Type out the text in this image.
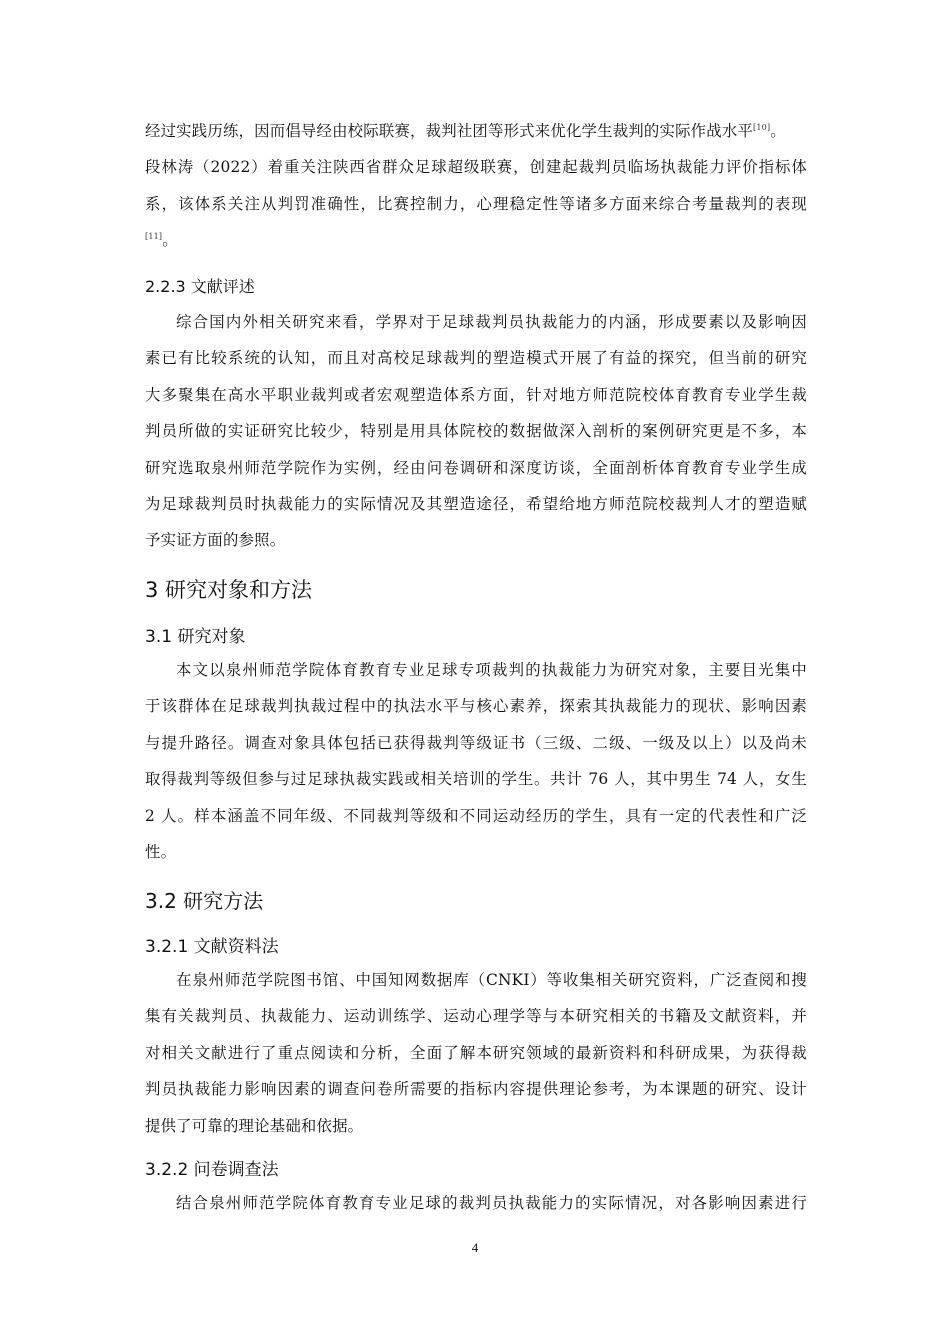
经过实践历练，因而倡导经由校际联赛，裁判社团等形式来优化学生裁判的实际作战水平[10]。
段林涛（2022）着重关注陕西省群众足球超级联赛，创建起裁判员临场执裁能力评价指标体
系，该体系关注从判罚准确性，比赛控制力，心理稳定性等诸多方面来综合考量裁判的表现
[11]。

2.2.3 文献评述

综合国内外相关研究来看，学界对于足球裁判员执裁能力的内涵，形成要素以及影响因
素已有比较系统的认知，而且对高校足球裁判的塑造模式开展了有益的探究，但当前的研究
大多聚集在高水平职业裁判或者宏观塑造体系方面，针对地方师范院校体育教育专业学生裁
判员所做的实证研究比较少，特别是用具体院校的数据做深入剖析的案例研究更是不多，本
研究选取泉州师范学院作为实例，经由问卷调研和深度访谈，全面剖析体育教育专业学生成
为足球裁判员时执裁能力的实际情况及其塑造途径，希望给地方师范院校裁判人才的塑造赋
予实证方面的参照。

3 研究对象和方法
3.1 研究对象

本文以泉州师范学院体育教育专业足球专项裁判的执裁能力为研究对象，主要目光集中
于该群体在足球裁判执裁过程中的执法水平与核心素养，探索其执裁能力的现状、影响因素
与提升路径。调查对象具体包括已获得裁判等级证书（三级、二级、一级及以上）以及尚未
取得裁判等级但参与过足球执裁实践或相关培训的学生。共计 76 人，其中男生 74 人，女生
2 人。样本涵盖不同年级、不同裁判等级和不同运动经历的学生，具有一定的代表性和广泛
性。

3.2 研究方法
3.2.1 文献资料法

在泉州师范学院图书馆、中国知网数据库（CNKI）等收集相关研究资料，广泛查阅和搜
集有关裁判员、执裁能力、运动训练学、运动心理学等与本研究相关的书籍及文献资料，并
对相关文献进行了重点阅读和分析，全面了解本研究领域的最新资料和科研成果，为获得裁
判员执裁能力影响因素的调查问卷所需要的指标内容提供理论参考，为本课题的研究、设计
提供了可靠的理论基础和依据。

3.2.2 问卷调查法

结合泉州师范学院体育教育专业足球的裁判员执裁能力的实际情况，对各影响因素进行

4
